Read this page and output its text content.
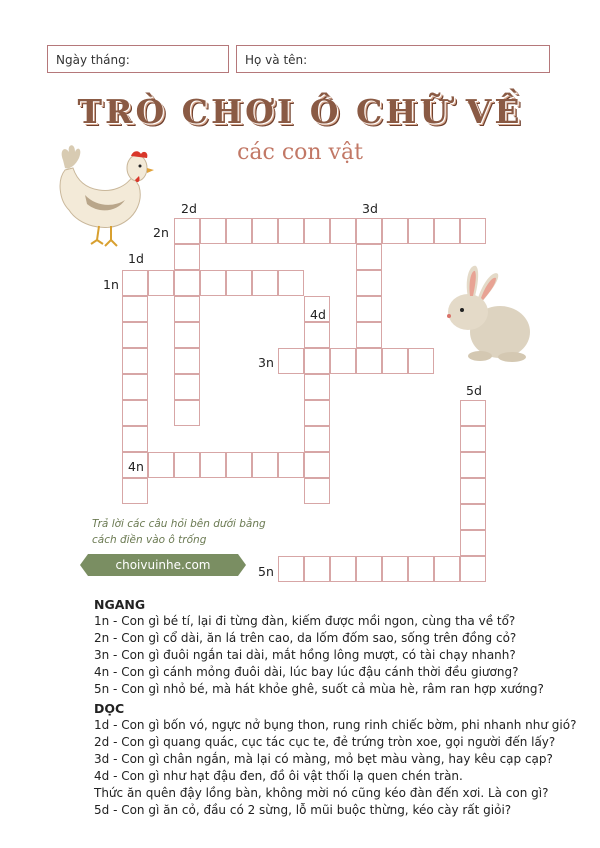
Ngày tháng:	Họ và tên:
TRÒ CHƠI Ô CHỮ VỀ
các con vật
1n
2n
3n
4n
5n
1d
2d	3d
4d
5d
Trả lời các câu hỏi bên dưới bằng cách điền vào ô trống
choivuinhe.com
NGANG
1n - Con gì bé tí, lại đi từng đàn, kiếm được mồi ngon, cùng tha về tổ?
2n - Con gì cổ dài, ăn lá trên cao, da lốm đốm sao, sống trên đồng cỏ?
3n - Con gì đuôi ngắn tai dài, mắt hồng lông mượt, có tài chạy nhanh?
4n - Con gì cánh mỏng đuôi dài, lúc bay lúc đậu cánh thời đều giương?
5n - Con gì nhỏ bé, mà hát khỏe ghê, suốt cả mùa hè, râm ran hợp xướng?
DỌC
1d - Con gì bốn vó, ngực nở bụng thon, rung rinh chiếc bờm, phi nhanh như gió?
2d - Con gì quang quác, cục tác cục te, đẻ trứng tròn xoe, gọi người đến lấy?
3d - Con gì chân ngắn, mà lại có màng, mỏ bẹt màu vàng, hay kêu cạp cạp?
4d - Con gì như hạt đậu đen, đồ ôi vật thối lạ quen chén tràn.
Thức ăn quên đậy lồng bàn, không mời nó cũng kéo đàn đến xơi. Là con gì?
5d - Con gì ăn cỏ, đầu có 2 sừng, lỗ mũi buộc thừng, kéo cày rất giỏi?
